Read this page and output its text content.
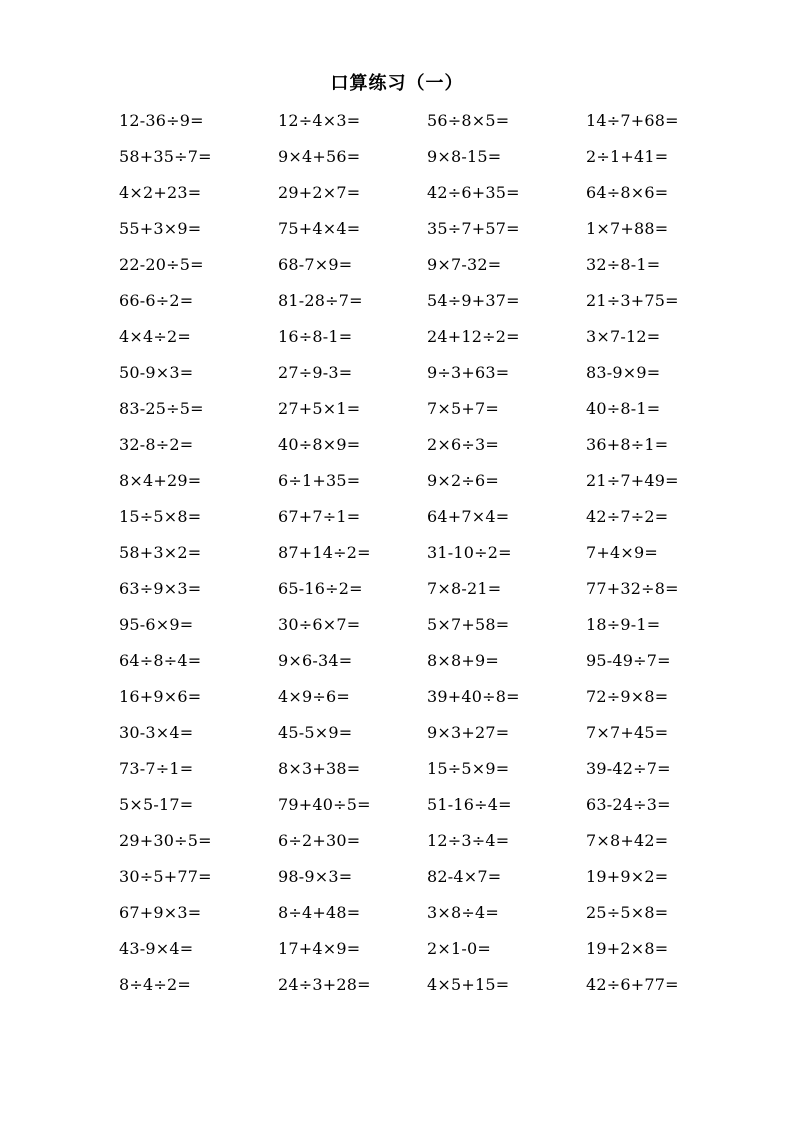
口算练习（一）
12-36÷9=	12÷4×3=	56÷8×5=	14÷7+68=
58+35÷7=	9×4+56=	9×8-15=	2÷1+41=
4×2+23=	29+2×7=	42÷6+35=	64÷8×6=
55+3×9=	75+4×4=	35÷7+57=	1×7+88=
22-20÷5=	68-7×9=	9×7-32=	32÷8-1=
66-6÷2=	81-28÷7=	54÷9+37=	21÷3+75=
4×4÷2=	16÷8-1=	24+12÷2=	3×7-12=
50-9×3=	27÷9-3=	9÷3+63=	83-9×9=
83-25÷5=	27+5×1=	7×5+7=	40÷8-1=
32-8÷2=	40÷8×9=	2×6÷3=	36+8÷1=
8×4+29=	6÷1+35=	9×2÷6=	21÷7+49=
15÷5×8=	67+7÷1=	64+7×4=	42÷7÷2=
58+3×2=	87+14÷2=	31-10÷2=	7+4×9=
63÷9×3=	65-16÷2=	7×8-21=	77+32÷8=
95-6×9=	30÷6×7=	5×7+58=	18÷9-1=
64÷8÷4=	9×6-34=	8×8+9=	95-49÷7=
16+9×6=	4×9÷6=	39+40÷8=	72÷9×8=
30-3×4=	45-5×9=	9×3+27=	7×7+45=
73-7÷1=	8×3+38=	15÷5×9=	39-42÷7=
5×5-17=	79+40÷5=	51-16÷4=	63-24÷3=
29+30÷5=	6÷2+30=	12÷3÷4=	7×8+42=
30÷5+77=	98-9×3=	82-4×7=	19+9×2=
67+9×3=	8÷4+48=	3×8÷4=	25÷5×8=
43-9×4=	17+4×9=	2×1-0=	19+2×8=
8÷4÷2=	24÷3+28=	4×5+15=	42÷6+77=
